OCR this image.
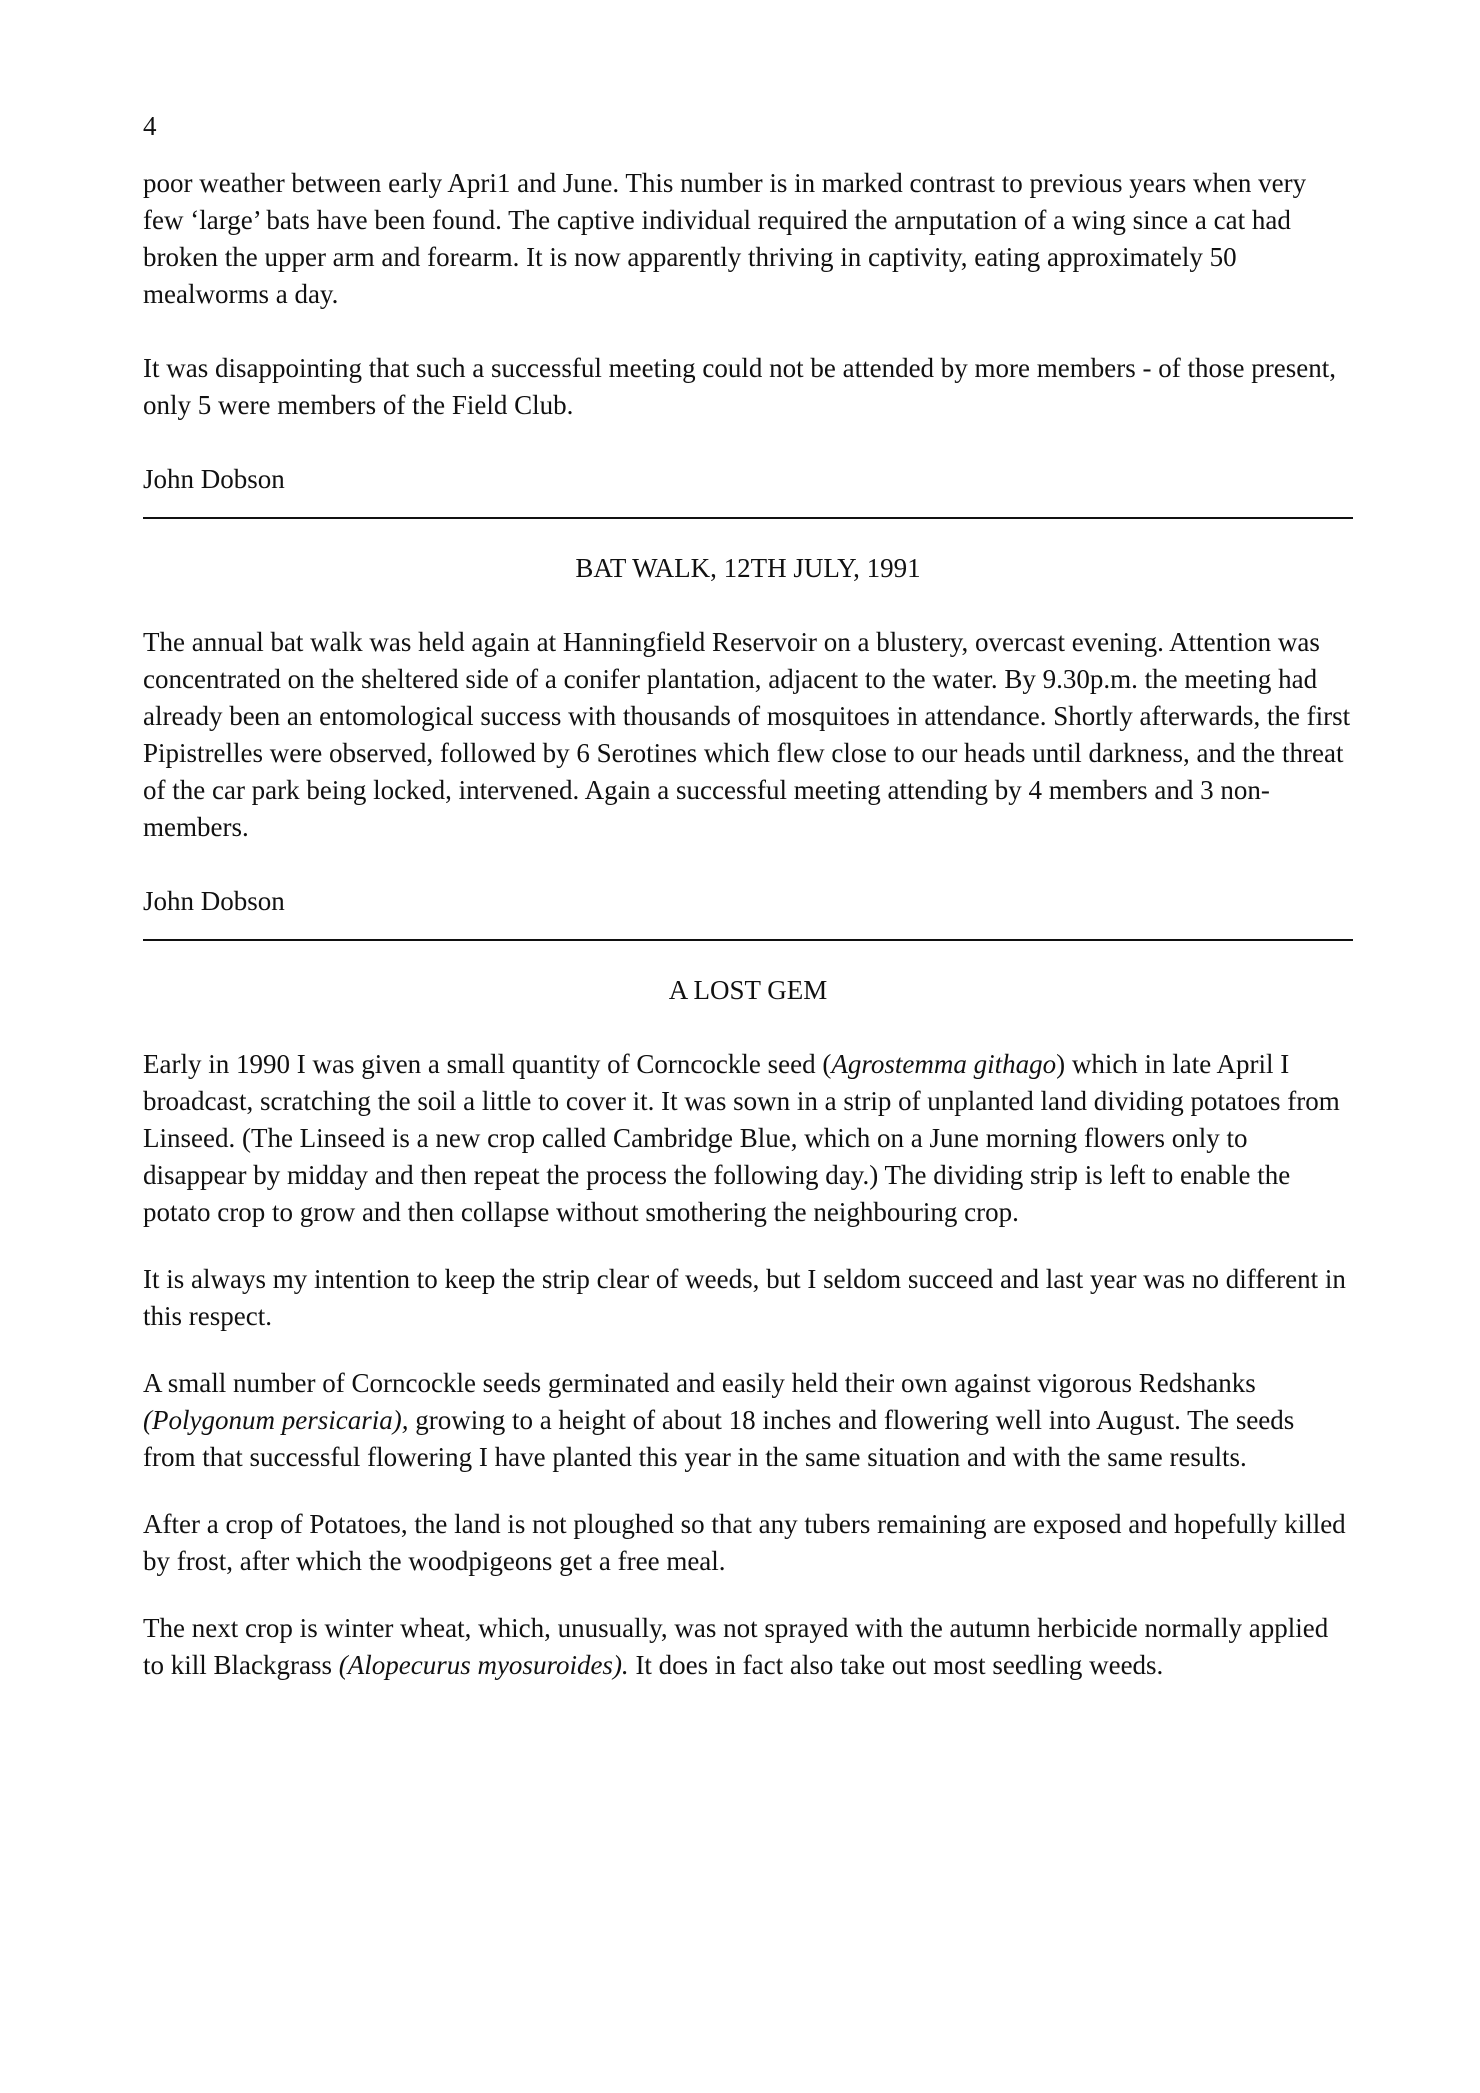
4

poor weather between early Apri1 and June. This number is in marked contrast to previous years when very few ‘large’ bats have been found. The captive individual required the arnputation of a wing since a cat had broken the upper arm and forearm. It is now apparently thriving in captivity, eating approximately 50 mealworms a day.

It was disappointing that such a successful meeting could not be attended by more members - of those present, only 5 were members of the Field Club.

John Dobson

BAT WALK, 12TH JULY, 1991

The annual bat walk was held again at Hanningfield Reservoir on a blustery, overcast evening. Attention was concentrated on the sheltered side of a conifer plantation, adjacent to the water. By 9.30p.m. the meeting had already been an entomological success with thousands of mosquitoes in attendance. Shortly afterwards, the first Pipistrelles were observed, followed by 6 Serotines which flew close to our heads until darkness, and the threat of the car park being locked, intervened. Again a successful meeting attending by 4 members and 3 non-members.

John Dobson

A LOST GEM

Early in 1990 I was given a small quantity of Corncockle seed (Agrostemma githago) which in late April I broadcast, scratching the soil a little to cover it. It was sown in a strip of unplanted land dividing potatoes from Linseed. (The Linseed is a new crop called Cambridge Blue, which on a June morning flowers only to disappear by midday and then repeat the process the following day.) The dividing strip is left to enable the potato crop to grow and then collapse without smothering the neighbouring crop.

It is always my intention to keep the strip clear of weeds, but I seldom succeed and last year was no different in this respect.

A small number of Corncockle seeds germinated and easily held their own against vigorous Redshanks (Polygonum persicaria), growing to a height of about 18 inches and flowering well into August. The seeds from that successful flowering I have planted this year in the same situation and with the same results.

After a crop of Potatoes, the land is not ploughed so that any tubers remaining are exposed and hopefully killed by frost, after which the woodpigeons get a free meal.

The next crop is winter wheat, which, unusually, was not sprayed with the autumn herbicide normally applied to kill Blackgrass (Alopecurus myosuroides). It does in fact also take out most seedling weeds.
